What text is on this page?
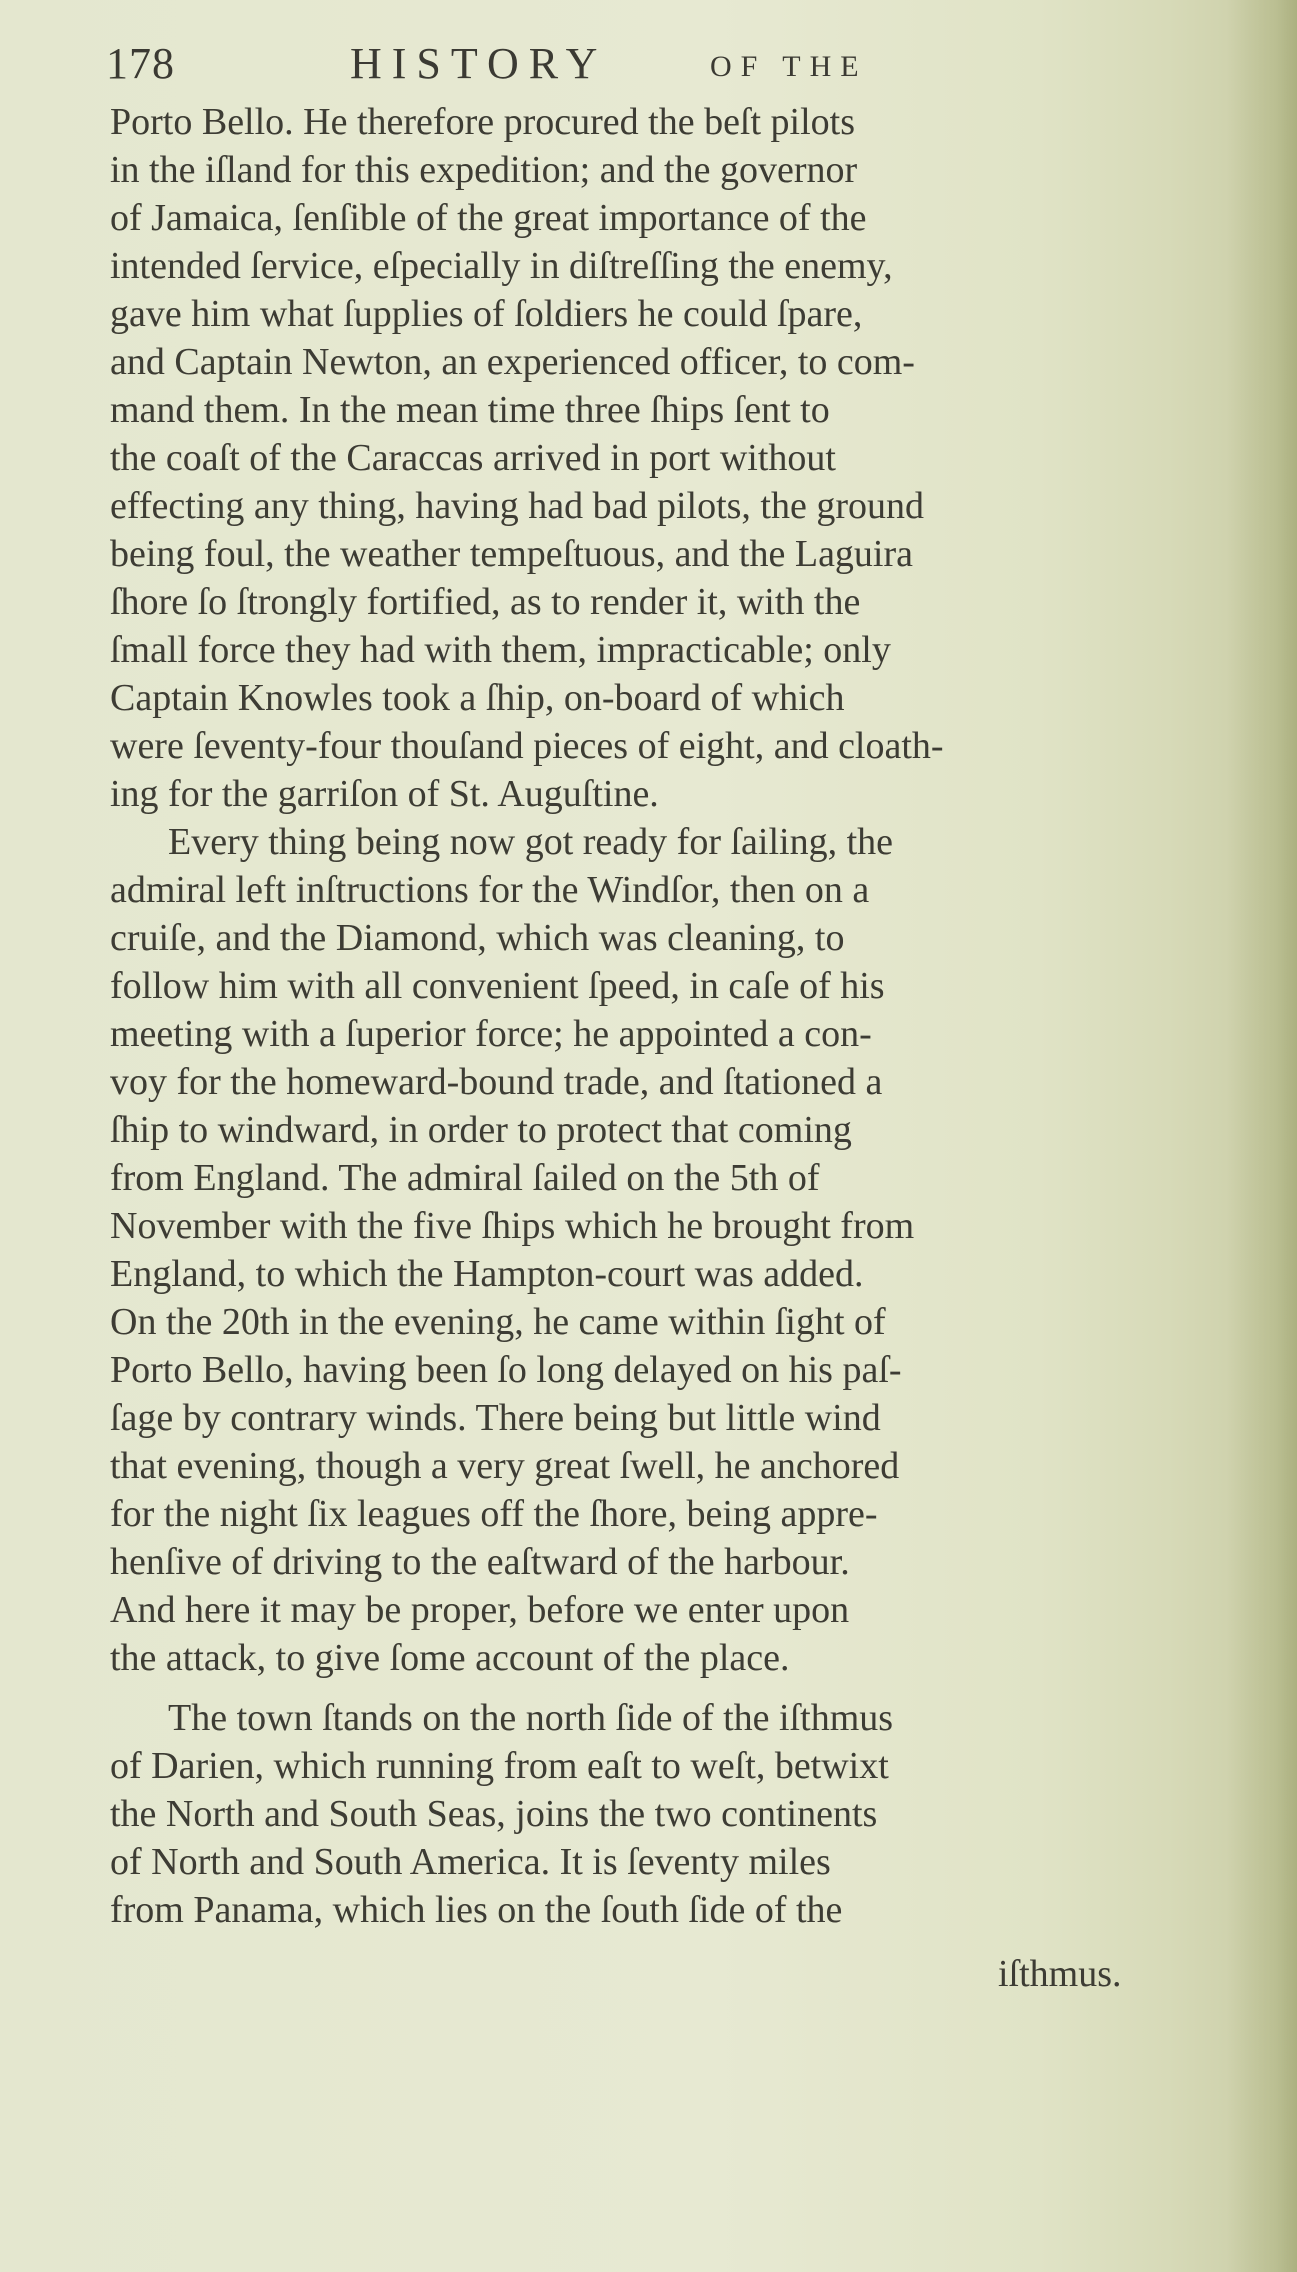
178	HISTORY	OF THE
Porto Bello. He therefore procured the beſt pilots
in the iſland for this expedition; and the governor
of Jamaica, ſenſible of the great importance of the
intended ſervice, eſpecially in diſtreſſing the enemy,
gave him what ſupplies of ſoldiers he could ſpare,
and Captain Newton, an experienced officer, to com-
mand them. In the mean time three ſhips ſent to
the coaſt of the Caraccas arrived in port without
effecting any thing, having had bad pilots, the ground
being foul, the weather tempeſtuous, and the Laguira
ſhore ſo ſtrongly fortified, as to render it, with the
ſmall force they had with them, impracticable; only
Captain Knowles took a ſhip, on-board of which
were ſeventy-four thouſand pieces of eight, and cloath-
ing for the garriſon of St. Auguſtine.
Every thing being now got ready for ſailing, the
admiral left inſtructions for the Windſor, then on a
cruiſe, and the Diamond, which was cleaning, to
follow him with all convenient ſpeed, in caſe of his
meeting with a ſuperior force; he appointed a con-
voy for the homeward-bound trade, and ſtationed a
ſhip to windward, in order to protect that coming
from England. The admiral ſailed on the 5th of
November with the five ſhips which he brought from
England, to which the Hampton-court was added.
On the 20th in the evening, he came within ſight of
Porto Bello, having been ſo long delayed on his paſ-
ſage by contrary winds. There being but little wind
that evening, though a very great ſwell, he anchored
for the night ſix leagues off the ſhore, being appre-
henſive of driving to the eaſtward of the harbour.
And here it may be proper, before we enter upon
the attack, to give ſome account of the place.
The town ſtands on the north ſide of the iſthmus
of Darien, which running from eaſt to weſt, betwixt
the North and South Seas, joins the two continents
of North and South America. It is ſeventy miles
from Panama, which lies on the ſouth ſide of the
iſthmus.
